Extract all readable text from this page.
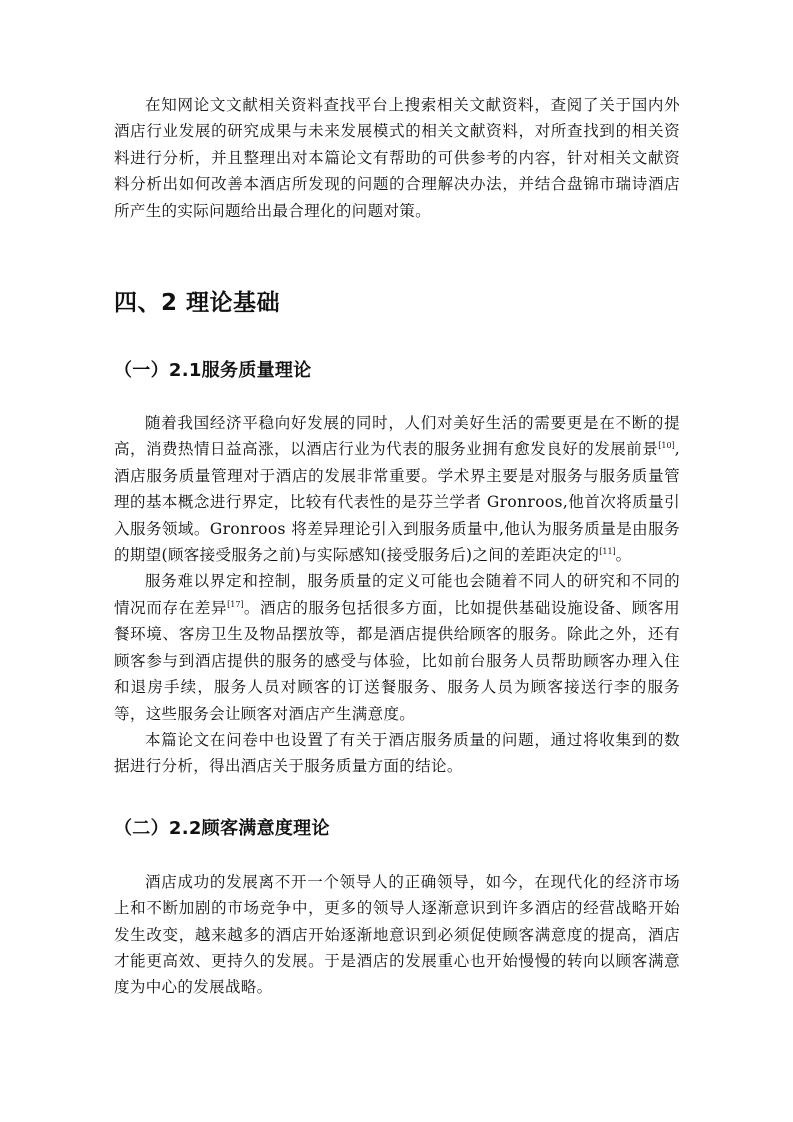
在知网论文文献相关资料查找平台上搜索相关文献资料，查阅了关于国内外酒店行业发展的研究成果与未来发展模式的相关文献资料，对所查找到的相关资料进行分析，并且整理出对本篇论文有帮助的可供参考的内容，针对相关文献资料分析出如何改善本酒店所发现的问题的合理解决办法，并结合盘锦市瑞诗酒店所产生的实际问题给出最合理化的问题对策。

四、2 理论基础
（一）2.1服务质量理论

随着我国经济平稳向好发展的同时，人们对美好生活的需要更是在不断的提高，消费热情日益高涨，以酒店行业为代表的服务业拥有愈发良好的发展前景[10],酒店服务质量管理对于酒店的发展非常重要。学术界主要是对服务与服务质量管理的基本概念进行界定，比较有代表性的是芬兰学者 Gronroos,他首次将质量引入服务领域。Gronroos 将差异理论引入到服务质量中,他认为服务质量是由服务的期望(顾客接受服务之前)与实际感知(接受服务后)之间的差距决定的[11]。

服务难以界定和控制，服务质量的定义可能也会随着不同人的研究和不同的情况而存在差异[17]。酒店的服务包括很多方面，比如提供基础设施设备、顾客用餐环境、客房卫生及物品摆放等，都是酒店提供给顾客的服务。除此之外，还有顾客参与到酒店提供的服务的感受与体验，比如前台服务人员帮助顾客办理入住和退房手续，服务人员对顾客的订送餐服务、服务人员为顾客接送行李的服务等，这些服务会让顾客对酒店产生满意度。

本篇论文在问卷中也设置了有关于酒店服务质量的问题，通过将收集到的数据进行分析，得出酒店关于服务质量方面的结论。

（二）2.2顾客满意度理论

酒店成功的发展离不开一个领导人的正确领导，如今，在现代化的经济市场上和不断加剧的市场竞争中，更多的领导人逐渐意识到许多酒店的经营战略开始发生改变，越来越多的酒店开始逐渐地意识到必须促使顾客满意度的提高，酒店才能更高效、更持久的发展。于是酒店的发展重心也开始慢慢的转向以顾客满意度为中心的发展战略。
